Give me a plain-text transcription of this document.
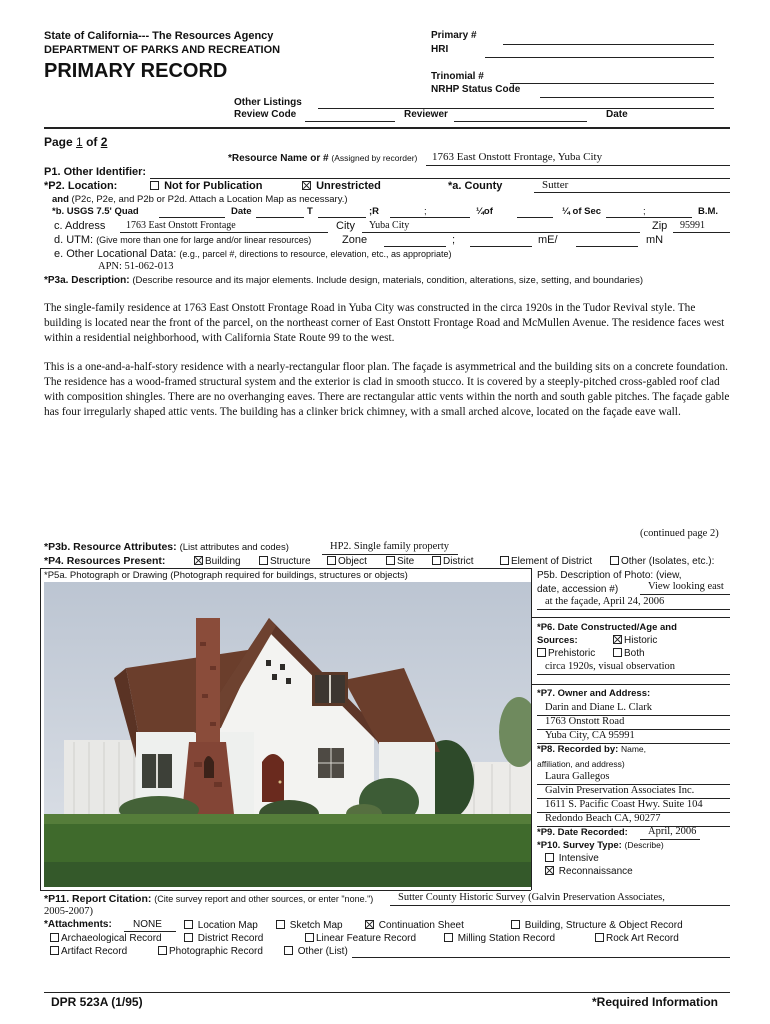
State of California--- The Resources Agency
DEPARTMENT OF PARKS AND RECREATION
PRIMARY RECORD
Primary #
HRI
Trinomial #
NRHP Status Code
Other Listings
Review Code	Reviewer	Date
Page 1 of 2
*Resource Name or # (Assigned by recorder) 1763 East Onstott Frontage, Yuba City
P1. Other Identifier:
*P2. Location:	Not for Publication	Unrestricted	*a. County	Sutter
and (P2c, P2e, and P2b or P2d. Attach a Location Map as necessary.)
*b. USGS 7.5' Quad	Date	T	;R	;	¼of	¼ of Sec	;	B.M.
c. Address 1763 East Onstott Frontage	City Yuba City	Zip 95991
d. UTM: (Give more than one for large and/or linear resources)	Zone	;	mE/	mN
e. Other Locational Data: (e.g., parcel #, directions to resource, elevation, etc., as appropriate)
APN: 51-062-013
*P3a. Description: (Describe resource and its major elements. Include design, materials, condition, alterations, size, setting, and boundaries)
The single-family residence at 1763 East Onstott Frontage Road in Yuba City was constructed in the circa 1920s in the Tudor Revival style. The building is located near the front of the parcel, on the northeast corner of East Onstott Frontage Road and McMullen Avenue. The residence faces west within a residential neighborhood, with California State Route 99 to the west.
This is a one-and-a-half-story residence with a nearly-rectangular floor plan. The façade is asymmetrical and the building sits on a concrete foundation. The residence has a wood-framed structural system and the exterior is clad in smooth stucco. It is covered by a steeply-pitched cross-gabled roof clad with composition shingles. There are no overhanging eaves. There are rectangular attic vents within the north and south gable pitches. The façade gable has four irregularly shaped attic vents. The building has a clinker brick chimney, with a small arched alcove, located on the façade eave wall.
(continued page 2)
*P3b. Resource Attributes: (List attributes and codes)	HP2. Single family property
*P4. Resources Present:	Building	Structure	Object	Site	District	Element of District	Other (Isolates, etc.):
*P5a. Photograph or Drawing (Photograph required for buildings, structures or objects)	P5b. Description of Photo: (view,
date, accession #)	View looking east
at the façade, April 24, 2006
*P6. Date Constructed/Age and
Sources:	Historic
Prehistoric	Both
circa 1920s, visual observation
*P7. Owner and Address:
Darin and Diane L. Clark
1763 Onstott Road
Yuba City, CA 95991
*P8. Recorded by: Name,
affiliation, and address)
Laura Gallegos
Galvin Preservation Associates Inc.
1611 S. Pacific Coast Hwy. Suite 104
Redondo Beach CA, 90277
*P9. Date Recorded: April, 2006
*P10. Survey Type: (Describe)
Intensive
Reconnaissance
*P11. Report Citation: (Cite survey report and other sources, or enter "none.") Sutter County Historic Survey (Galvin Preservation Associates,
2005-2007)
*Attachments: NONE	Location Map	Sketch Map	Continuation Sheet	Building, Structure & Object Record
Archaeological Record	District Record	Linear Feature Record	Milling Station Record	Rock Art Record
Artifact Record	Photographic Record	Other (List)
DPR 523A (1/95)	*Required Information
